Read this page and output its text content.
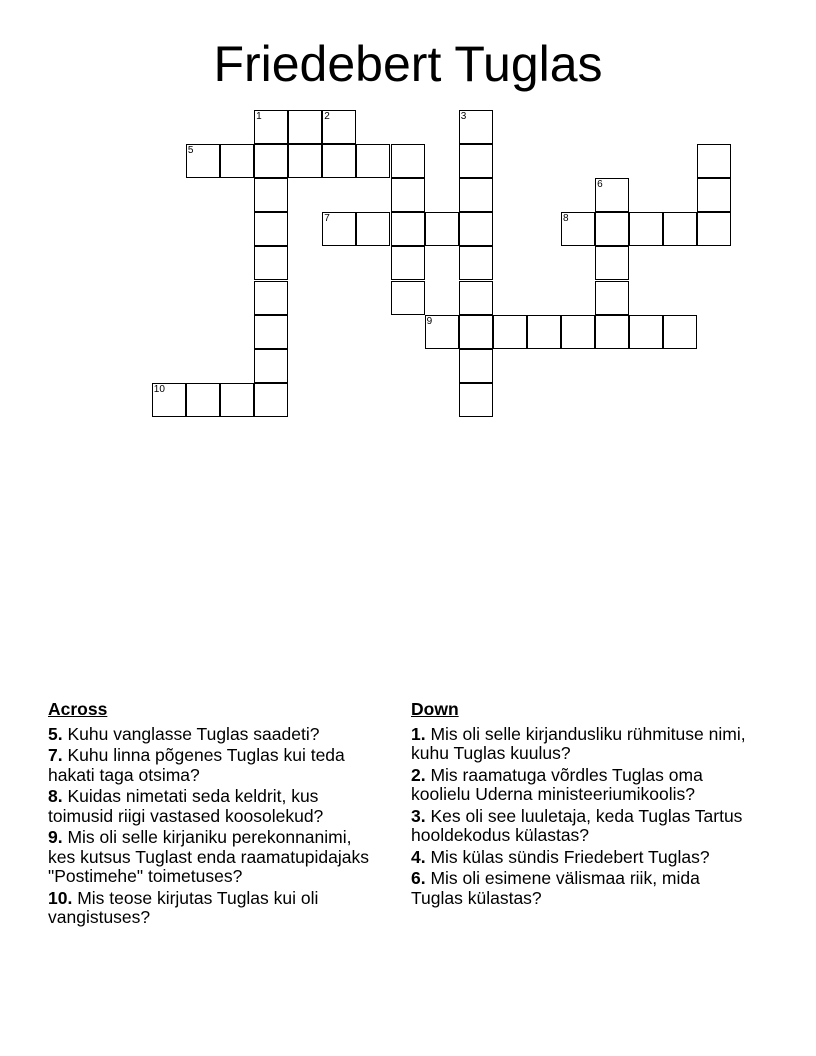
Friedebert Tuglas
1	2	3
5
6
7	8
9
10
Across
5. Kuhu vanglasse Tuglas saadeti?
7. Kuhu linna põgenes Tuglas kui teda hakati taga otsima?
8. Kuidas nimetati seda keldrit, kus toimusid riigi vastased koosolekud?
9. Mis oli selle kirjaniku perekonnanimi, kes kutsus Tuglast enda raamatupidajaks "Postimehe" toimetuses?
10. Mis teose kirjutas Tuglas kui oli vangistuses?
Down
1. Mis oli selle kirjandusliku rühmituse nimi, kuhu Tuglas kuulus?
2. Mis raamatuga võrdles Tuglas oma koolielu Uderna ministeeriumikoolis?
3. Kes oli see luuletaja, keda Tuglas Tartus hooldekodus külastas?
4. Mis külas sündis Friedebert Tuglas?
6. Mis oli esimene välismaa riik, mida Tuglas külastas?
